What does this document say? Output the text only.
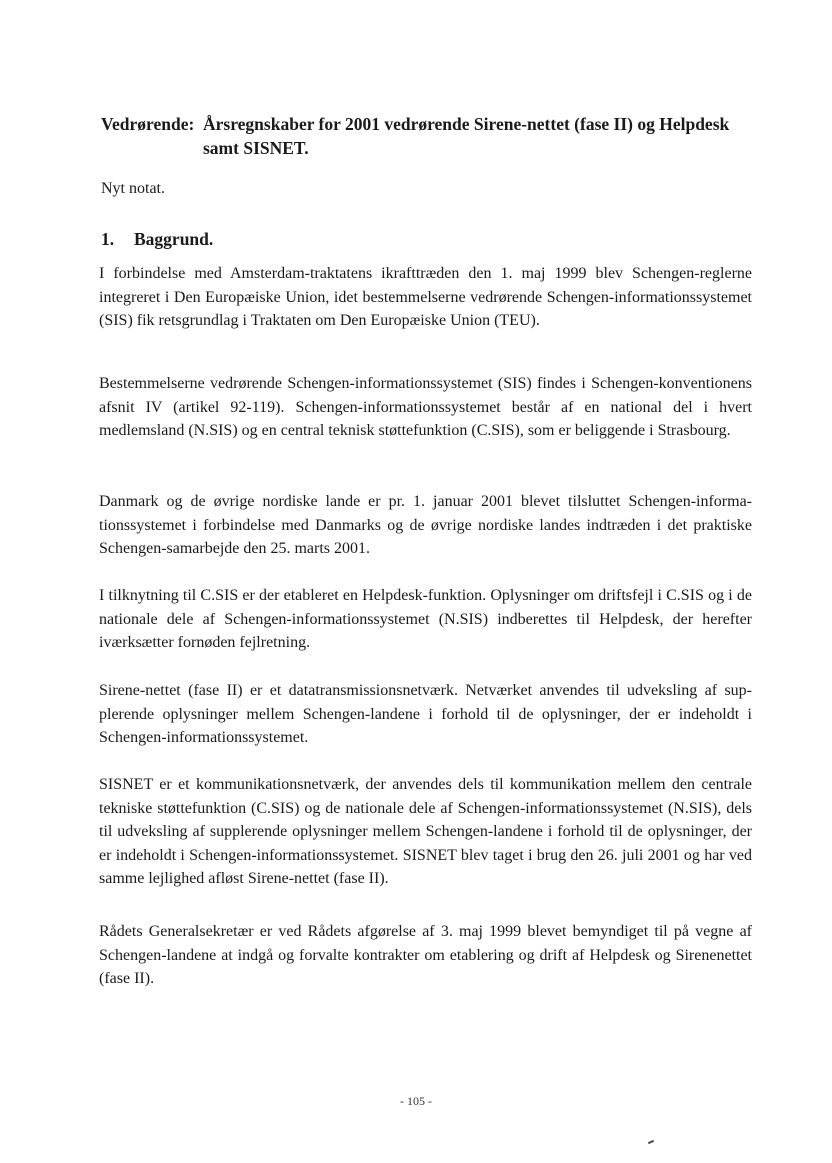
Vedrørende: Årsregnskaber for 2001 vedrørende Sirene-nettet (fase II) og Helpdesk samt SISNET.
Nyt notat.
1. Baggrund.

I forbindelse med Amsterdam-traktatens ikrafttræden den 1. maj 1999 blev Schengen-reglerne integreret i Den Europæiske Union, idet bestemmelserne vedrørende Schengen-informationssystemet (SIS) fik retsgrundlag i Traktaten om Den Europæiske Union (TEU).

Bestemmelserne vedrørende Schengen-informationssystemet (SIS) findes i Schengen-konventionens afsnit IV (artikel 92-119). Schengen-informationssystemet består af en national del i hvert medlemsland (N.SIS) og en central teknisk støttefunktion (C.SIS), som er beliggende i Strasbourg.

Danmark og de øvrige nordiske lande er pr. 1. januar 2001 blevet tilsluttet Schengen-informationssystemet i forbindelse med Danmarks og de øvrige nordiske landes indtræden i det praktiske Schengen-samarbejde den 25. marts 2001.

I tilknytning til C.SIS er der etableret en Helpdesk-funktion. Oplysninger om driftsfejl i C.SIS og i de nationale dele af Schengen-informationssystemet (N.SIS) indberettes til Helpdesk, der herefter iværksætter fornøden fejlretning.

Sirene-nettet (fase II) er et datatransmissionsnetværk. Netværket anvendes til udveksling af supplerende oplysninger mellem Schengen-landene i forhold til de oplysninger, der er indeholdt i Schengen-informationssystemet.

SISNET er et kommunikationsnetværk, der anvendes dels til kommunikation mellem den centrale tekniske støttefunktion (C.SIS) og de nationale dele af Schengen-informationssystemet (N.SIS), dels til udveksling af supplerende oplysninger mellem Schengen-landene i forhold til de oplysninger, der er indeholdt i Schengen-informationssystemet. SISNET blev taget i brug den 26. juli 2001 og har ved samme lejlighed afløst Sirene-nettet (fase II).

Rådets Generalsekretær er ved Rådets afgørelse af 3. maj 1999 blevet bemyndiget til på vegne af Schengen-landene at indgå og forvalte kontrakter om etablering og drift af Helpdesk og Sirenenettet (fase II).

- 105 -
